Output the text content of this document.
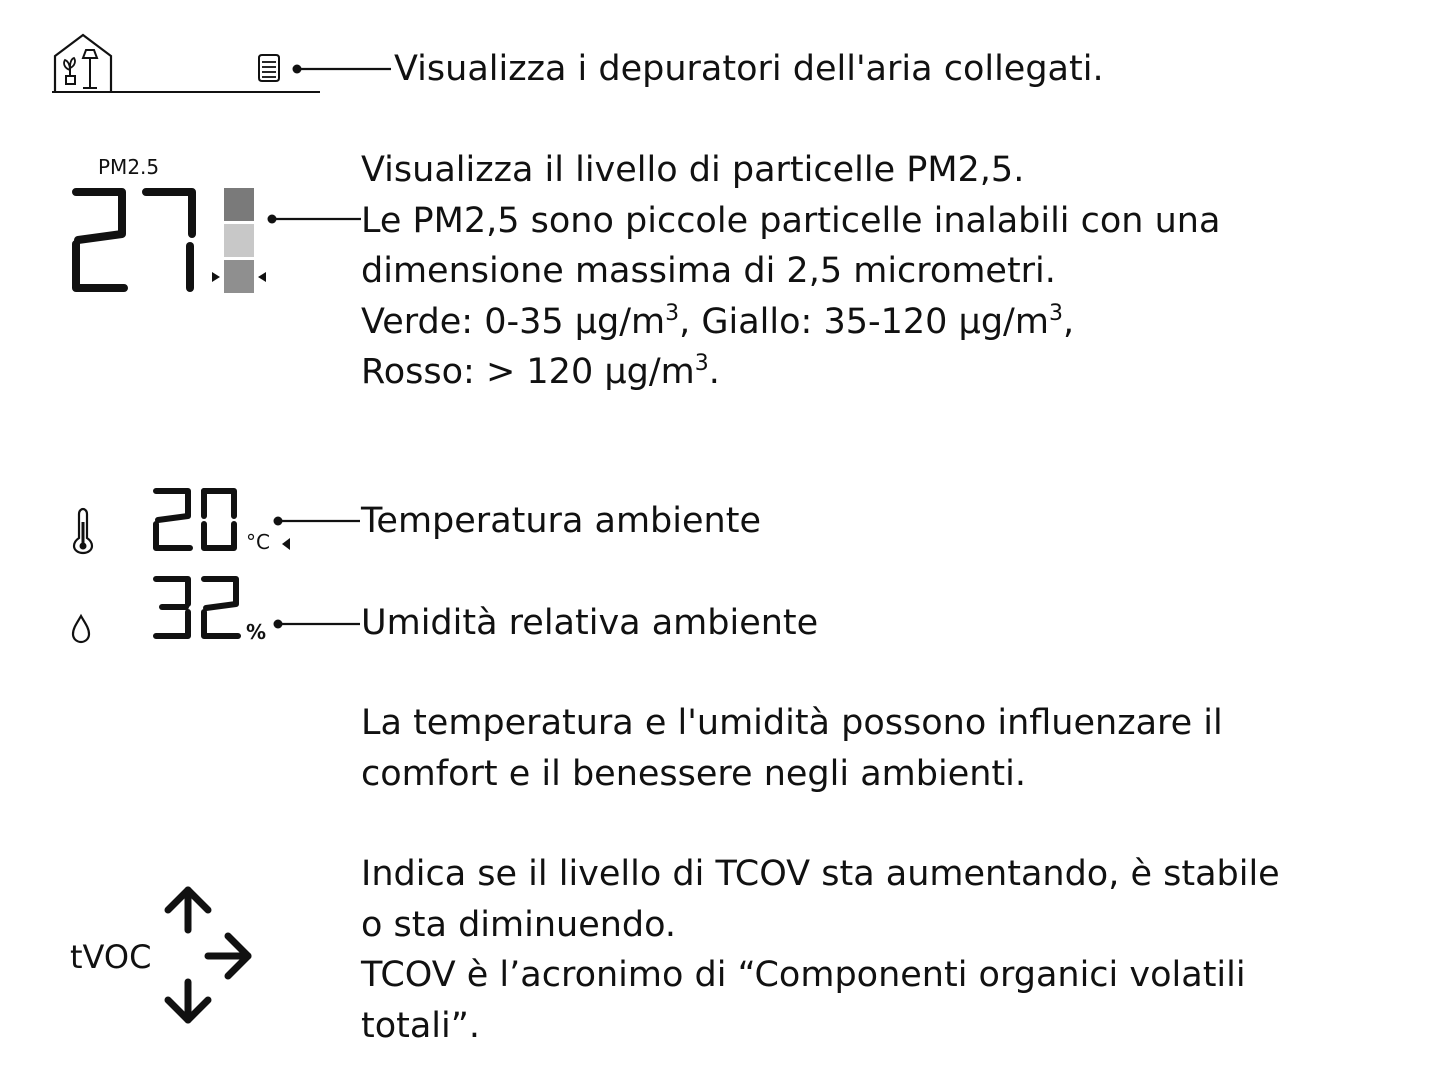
Visualizza i depuratori dell'aria collegati.
PM2.5	Visualizza il livello di particelle PM2,5.
Le PM2,5 sono piccole particelle inalabili con una
dimensione massima di 2,5 micrometri.
Verde: 0-35 $\mu g/m^3$, Giallo: 35-120 $\mu g/m^3$,
Rosso: > 120 $\mu g/m^3$.
°C
Temperatura ambiente
%	Umidità relativa ambiente
La temperatura e l'umidità possono influenzare il
comfort e il benessere negli ambienti.
tVOC
Indica se il livello di TCOV sta aumentando, è stabile
o sta diminuendo.
TCOV è l’acronimo di “Componenti organici volatili
totali”.
